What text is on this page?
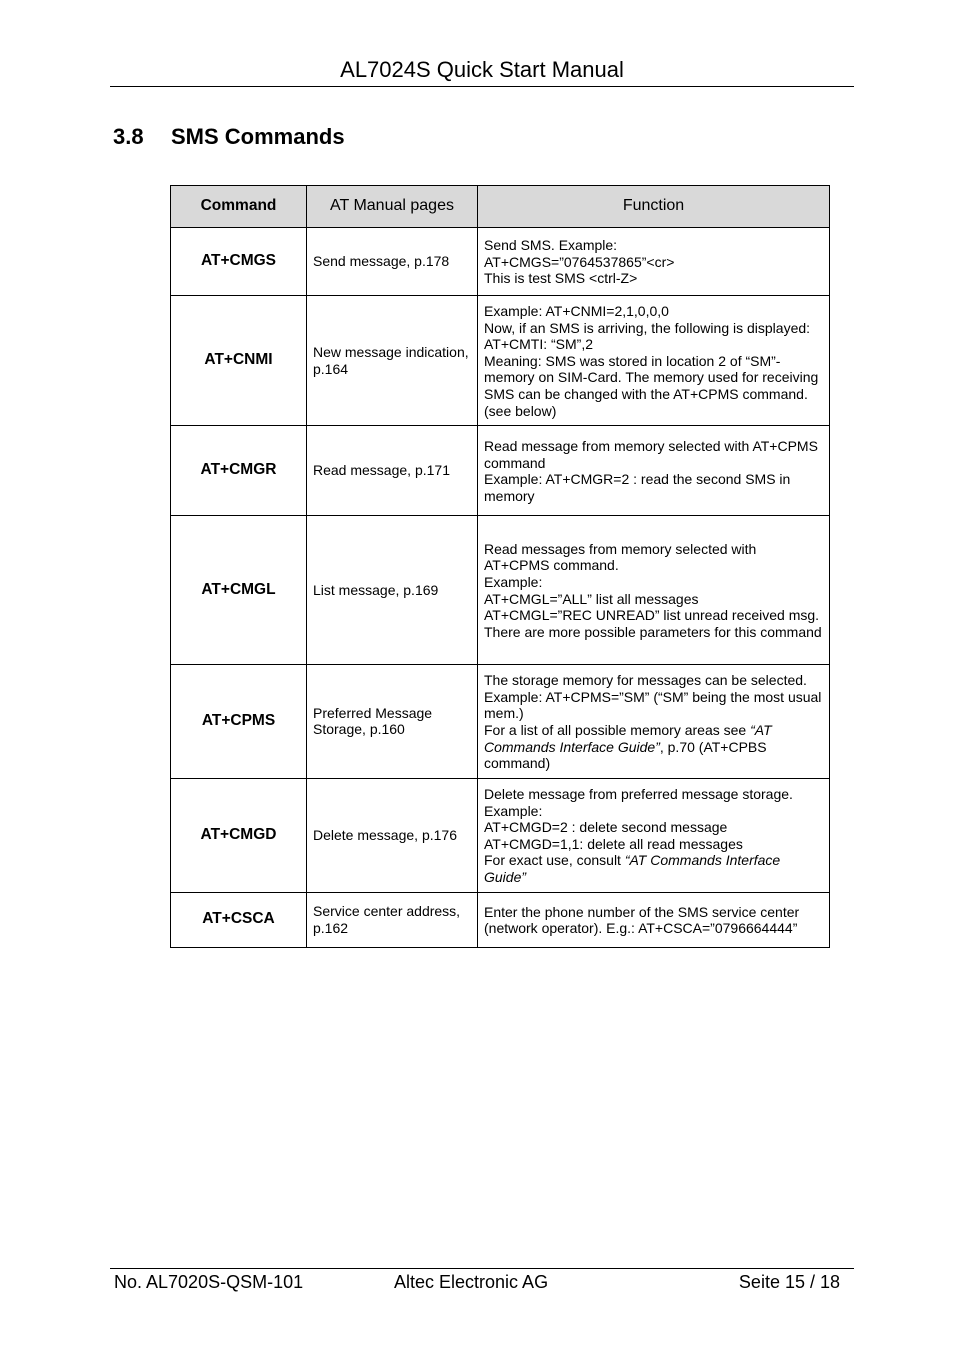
AL7024S Quick Start Manual
3.8 SMS Commands
Command	AT Manual pages	Function
AT+CMGS	Send message, p.178	Send SMS. Example:
AT+CMGS=”0764537865”<cr>
This is test SMS <ctrl-Z>

AT+CNMI	New message indication, p.164	Example: AT+CNMI=2,1,0,0,0
Now, if an SMS is arriving, the following is displayed:
AT+CMTI: “SM”,2
Meaning: SMS was stored in location 2 of “SM”-memory on SIM-Card. The memory used for receiving SMS can be changed with the AT+CPMS command. (see below)

AT+CMGR	Read message, p.171	Read message from memory selected with AT+CPMS command
Example: AT+CMGR=2 : read the second SMS in memory

AT+CMGL	List message, p.169	Read messages from memory selected with AT+CPMS command.
Example:
AT+CMGL=”ALL” list all messages
AT+CMGL=”REC UNREAD” list unread received msg.
There are more possible parameters for this command

AT+CPMS	Preferred Message Storage, p.160	The storage memory for messages can be selected.
Example: AT+CPMS=”SM” (“SM” being the most usual mem.)
For a list of all possible memory areas see “AT Commands Interface Guide”, p.70 (AT+CPBS command)

AT+CMGD	Delete message, p.176	Delete message from preferred message storage.
Example:
AT+CMGD=2 : delete second message
AT+CMGD=1,1: delete all read messages
For exact use, consult “AT Commands Interface Guide”

AT+CSCA	Service center address, p.162	Enter the phone number of the SMS service center (network operator). E.g.: AT+CSCA=”0796664444”
No. AL7020S-QSM-101	Altec Electronic AG	Seite 15 / 18
